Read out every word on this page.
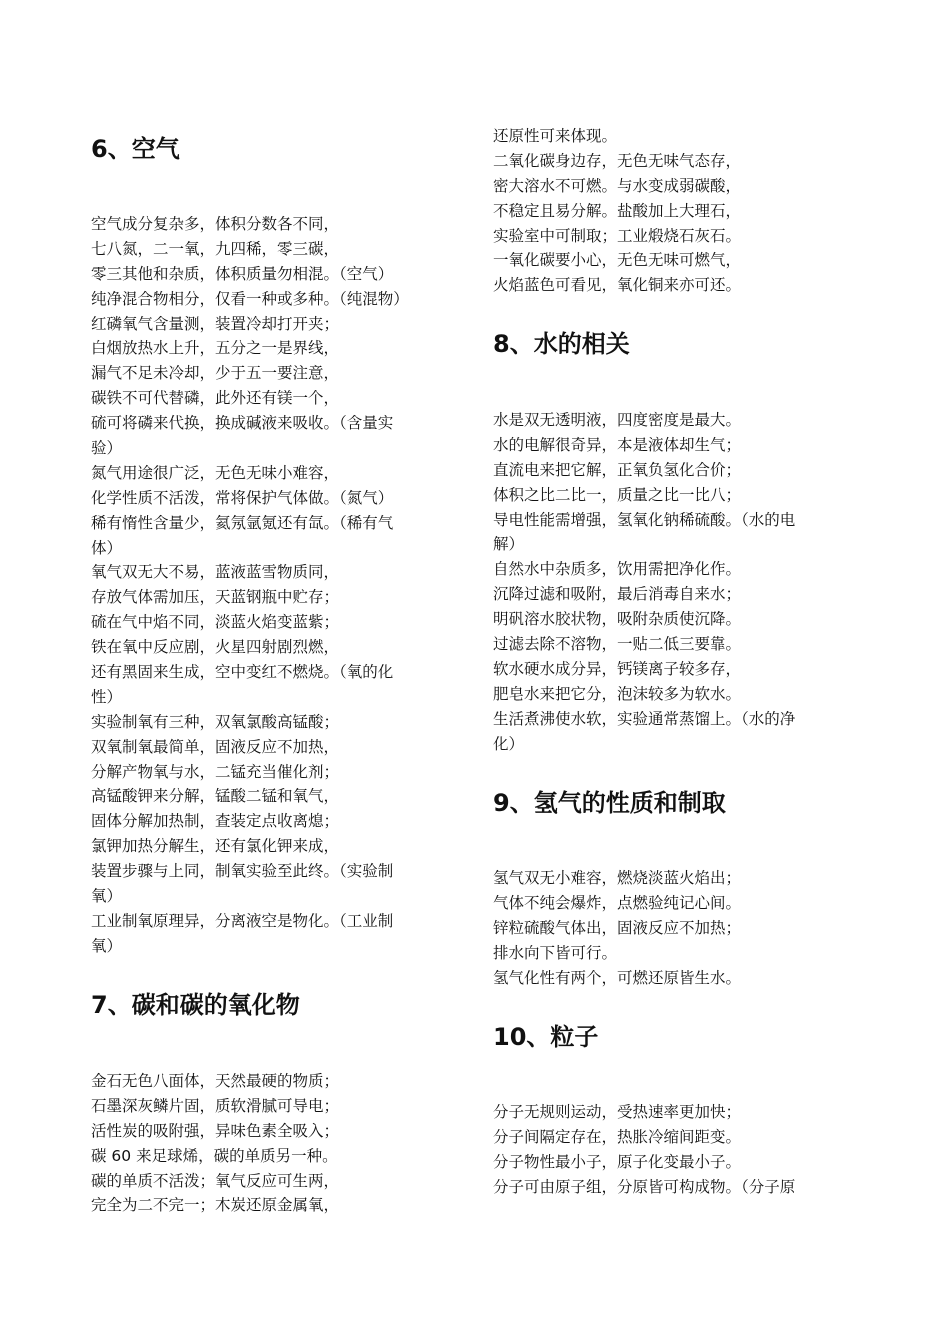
6、空气
空气成分复杂多，体积分数各不同，
七八氮，二一氧，九四稀，零三碳，
零三其他和杂质，体积质量勿相混。（空气）
纯净混合物相分，仅看一种或多种。（纯混物）
红磷氧气含量测，装置冷却打开夹；
白烟放热水上升，五分之一是界线，
漏气不足未冷却，少于五一要注意，
碳铁不可代替磷，此外还有镁一个，
硫可将磷来代换，换成碱液来吸收。（含量实
验）
氮气用途很广泛，无色无味小难容，
化学性质不活泼，常将保护气体做。（氮气）
稀有惰性含量少，氦氖氩氪还有氙。（稀有气
体）
氧气双无大不易，蓝液蓝雪物质同，
存放气体需加压，天蓝钢瓶中贮存；
硫在气中焰不同，淡蓝火焰变蓝紫；
铁在氧中反应剧，火星四射剧烈燃，
还有黑固来生成，空中变红不燃烧。（氧的化
性）
实验制氧有三种，双氧氯酸高锰酸；
双氧制氧最简单，固液反应不加热，
分解产物氧与水，二锰充当催化剂；
高锰酸钾来分解，锰酸二锰和氧气，
固体分解加热制，查装定点收离熄；
氯钾加热分解生，还有氯化钾来成，
装置步骤与上同，制氧实验至此终。（实验制
氧）
工业制氧原理异，分离液空是物化。（工业制
氧）
7、碳和碳的氧化物
金石无色八面体，天然最硬的物质；
石墨深灰鳞片固，质软滑腻可导电；
活性炭的吸附强，异味色素全吸入；
碳 60 来足球烯，碳的单质另一种。
碳的单质不活泼；氧气反应可生两，
完全为二不完一；木炭还原金属氧，
还原性可来体现。
二氧化碳身边存，无色无味气态存，
密大溶水不可燃。与水变成弱碳酸，
不稳定且易分解。盐酸加上大理石，
实验室中可制取；工业煅烧石灰石。
一氧化碳要小心，无色无味可燃气，
火焰蓝色可看见，氧化铜来亦可还。
8、水的相关
水是双无透明液，四度密度是最大。
水的电解很奇异，本是液体却生气；
直流电来把它解，正氧负氢化合价；
体积之比二比一，质量之比一比八；
导电性能需增强，氢氧化钠稀硫酸。（水的电
解）
自然水中杂质多，饮用需把净化作。
沉降过滤和吸附，最后消毒自来水；
明矾溶水胶状物，吸附杂质使沉降。
过滤去除不溶物，一贴二低三要靠。
软水硬水成分异，钙镁离子较多存，
肥皂水来把它分，泡沫较多为软水。
生活煮沸使水软，实验通常蒸馏上。（水的净
化）
9、氢气的性质和制取
氢气双无小难容，燃烧淡蓝火焰出；
气体不纯会爆炸，点燃验纯记心间。
锌粒硫酸气体出，固液反应不加热；
排水向下皆可行。
氢气化性有两个，可燃还原皆生水。
10、粒子
分子无规则运动，受热速率更加快；
分子间隔定存在，热胀冷缩间距变。
分子物性最小子，原子化变最小子。
分子可由原子组，分原皆可构成物。（分子原
